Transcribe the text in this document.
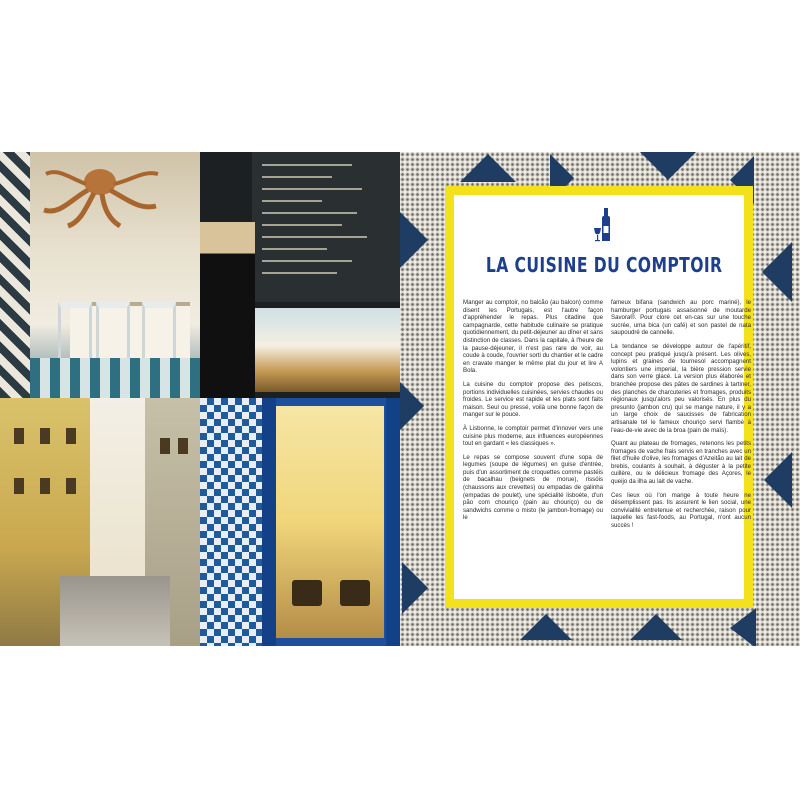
LA CUISINE DU COMPTOIR

Manger au comptoir, no balcão (au balcon) comme disent les Portugais, est l'autre façon d'appréhender le repas. Plus citadine que campagnarde, cette habitude culinaire se pratique quotidiennement, du petit-déjeuner au dîner et sans distinction de classes. Dans la capitale, à l'heure de la pause-déjeuner, il n'est pas rare de voir, au coude à coude, l'ouvrier sorti du chantier et le cadre en cravate manger le même plat du jour et lire A Bola.

La cuisine du comptoir propose des petiscos, portions individuelles cuisinées, servies chaudes ou froides. Le service est rapide et les plats sont faits maison. Seul ou pressé, voilà une bonne façon de manger sur le pouce.

À Lisbonne, le comptoir permet d'innover vers une cuisine plus moderne, aux influences européennes tout en gardant « les classiques ».

Le repas se compose souvent d'une sopa de legumes (soupe de légumes) en guise d'entrée, puis d'un assortiment de croquettes comme pastéis de bacalhau (beignets de morue), rissóis (chaussons aux crevettes) ou empadas de galinha (empadas de poulet), une spécialité lisboète, d'un pão com chouriço (pain au chouriço) ou de sandwichs comme o misto (le jambon-fromage) ou le

fameux bifana (sandwich au porc mariné), le hamburger portugais assaisonné de moutarde Savora®. Pour clore cet en-cas sur une touche sucrée, uma bica (un café) et son pastel de nata saupoudré de cannelle.

La tendance se développe autour de l'apéritif, concept peu pratiqué jusqu'à présent. Les olives, lupins et graines de tournesol accompagnent volontiers une imperial, la bière pression servie dans son verre glacé. La version plus élaborée et branchée propose des pâtes de sardines à tartiner, des planches de charcuteries et fromages, produits régionaux jusqu'alors peu valorisés. En plus du presunto (jambon cru) qui se mange nature, il y a un large choix de saucisses de fabrication artisanale tel le fameux chouriço servi flambé à l'eau-de-vie avec de la broa (pain de maïs).

Quant au plateau de fromages, retenons les petits fromages de vache frais servis en tranches avec un filet d'huile d'olive, les fromages d'Azeitão au lait de brebis, coulants à souhait, à déguster à la petite cuillère, ou le délicieux fromage des Açores, le queijo da ilha au lait de vache.

Ces lieux où l'on mange à toute heure ne désemplissent pas. Ils assurent le lien social, une convivialité entretenue et recherchée, raison pour laquelle les fast-foods, au Portugal, n'ont aucun succès !
